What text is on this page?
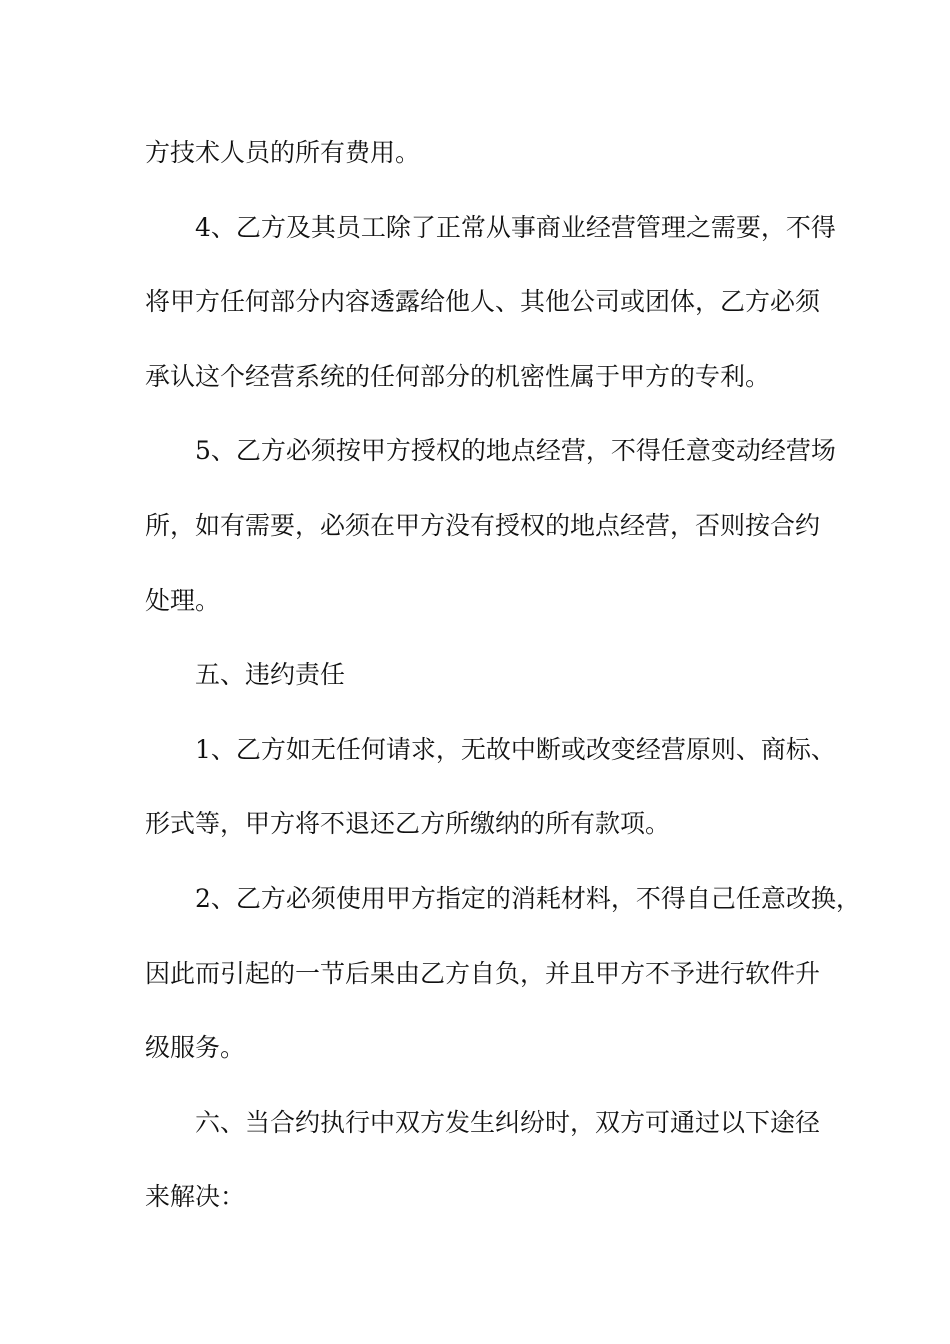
方技术人员的所有费用。
4、乙方及其员工除了正常从事商业经营管理之需要，不得
将甲方任何部分内容透露给他人、其他公司或团体，乙方必须
承认这个经营系统的任何部分的机密性属于甲方的专利。
5、乙方必须按甲方授权的地点经营，不得任意变动经营场
所，如有需要，必须在甲方没有授权的地点经营，否则按合约
处理。
五、违约责任
1、乙方如无任何请求，无故中断或改变经营原则、商标、
形式等，甲方将不退还乙方所缴纳的所有款项。
2、乙方必须使用甲方指定的消耗材料，不得自己任意改换，
因此而引起的一节后果由乙方自负，并且甲方不予进行软件升
级服务。
六、当合约执行中双方发生纠纷时，双方可通过以下途径
来解决：
